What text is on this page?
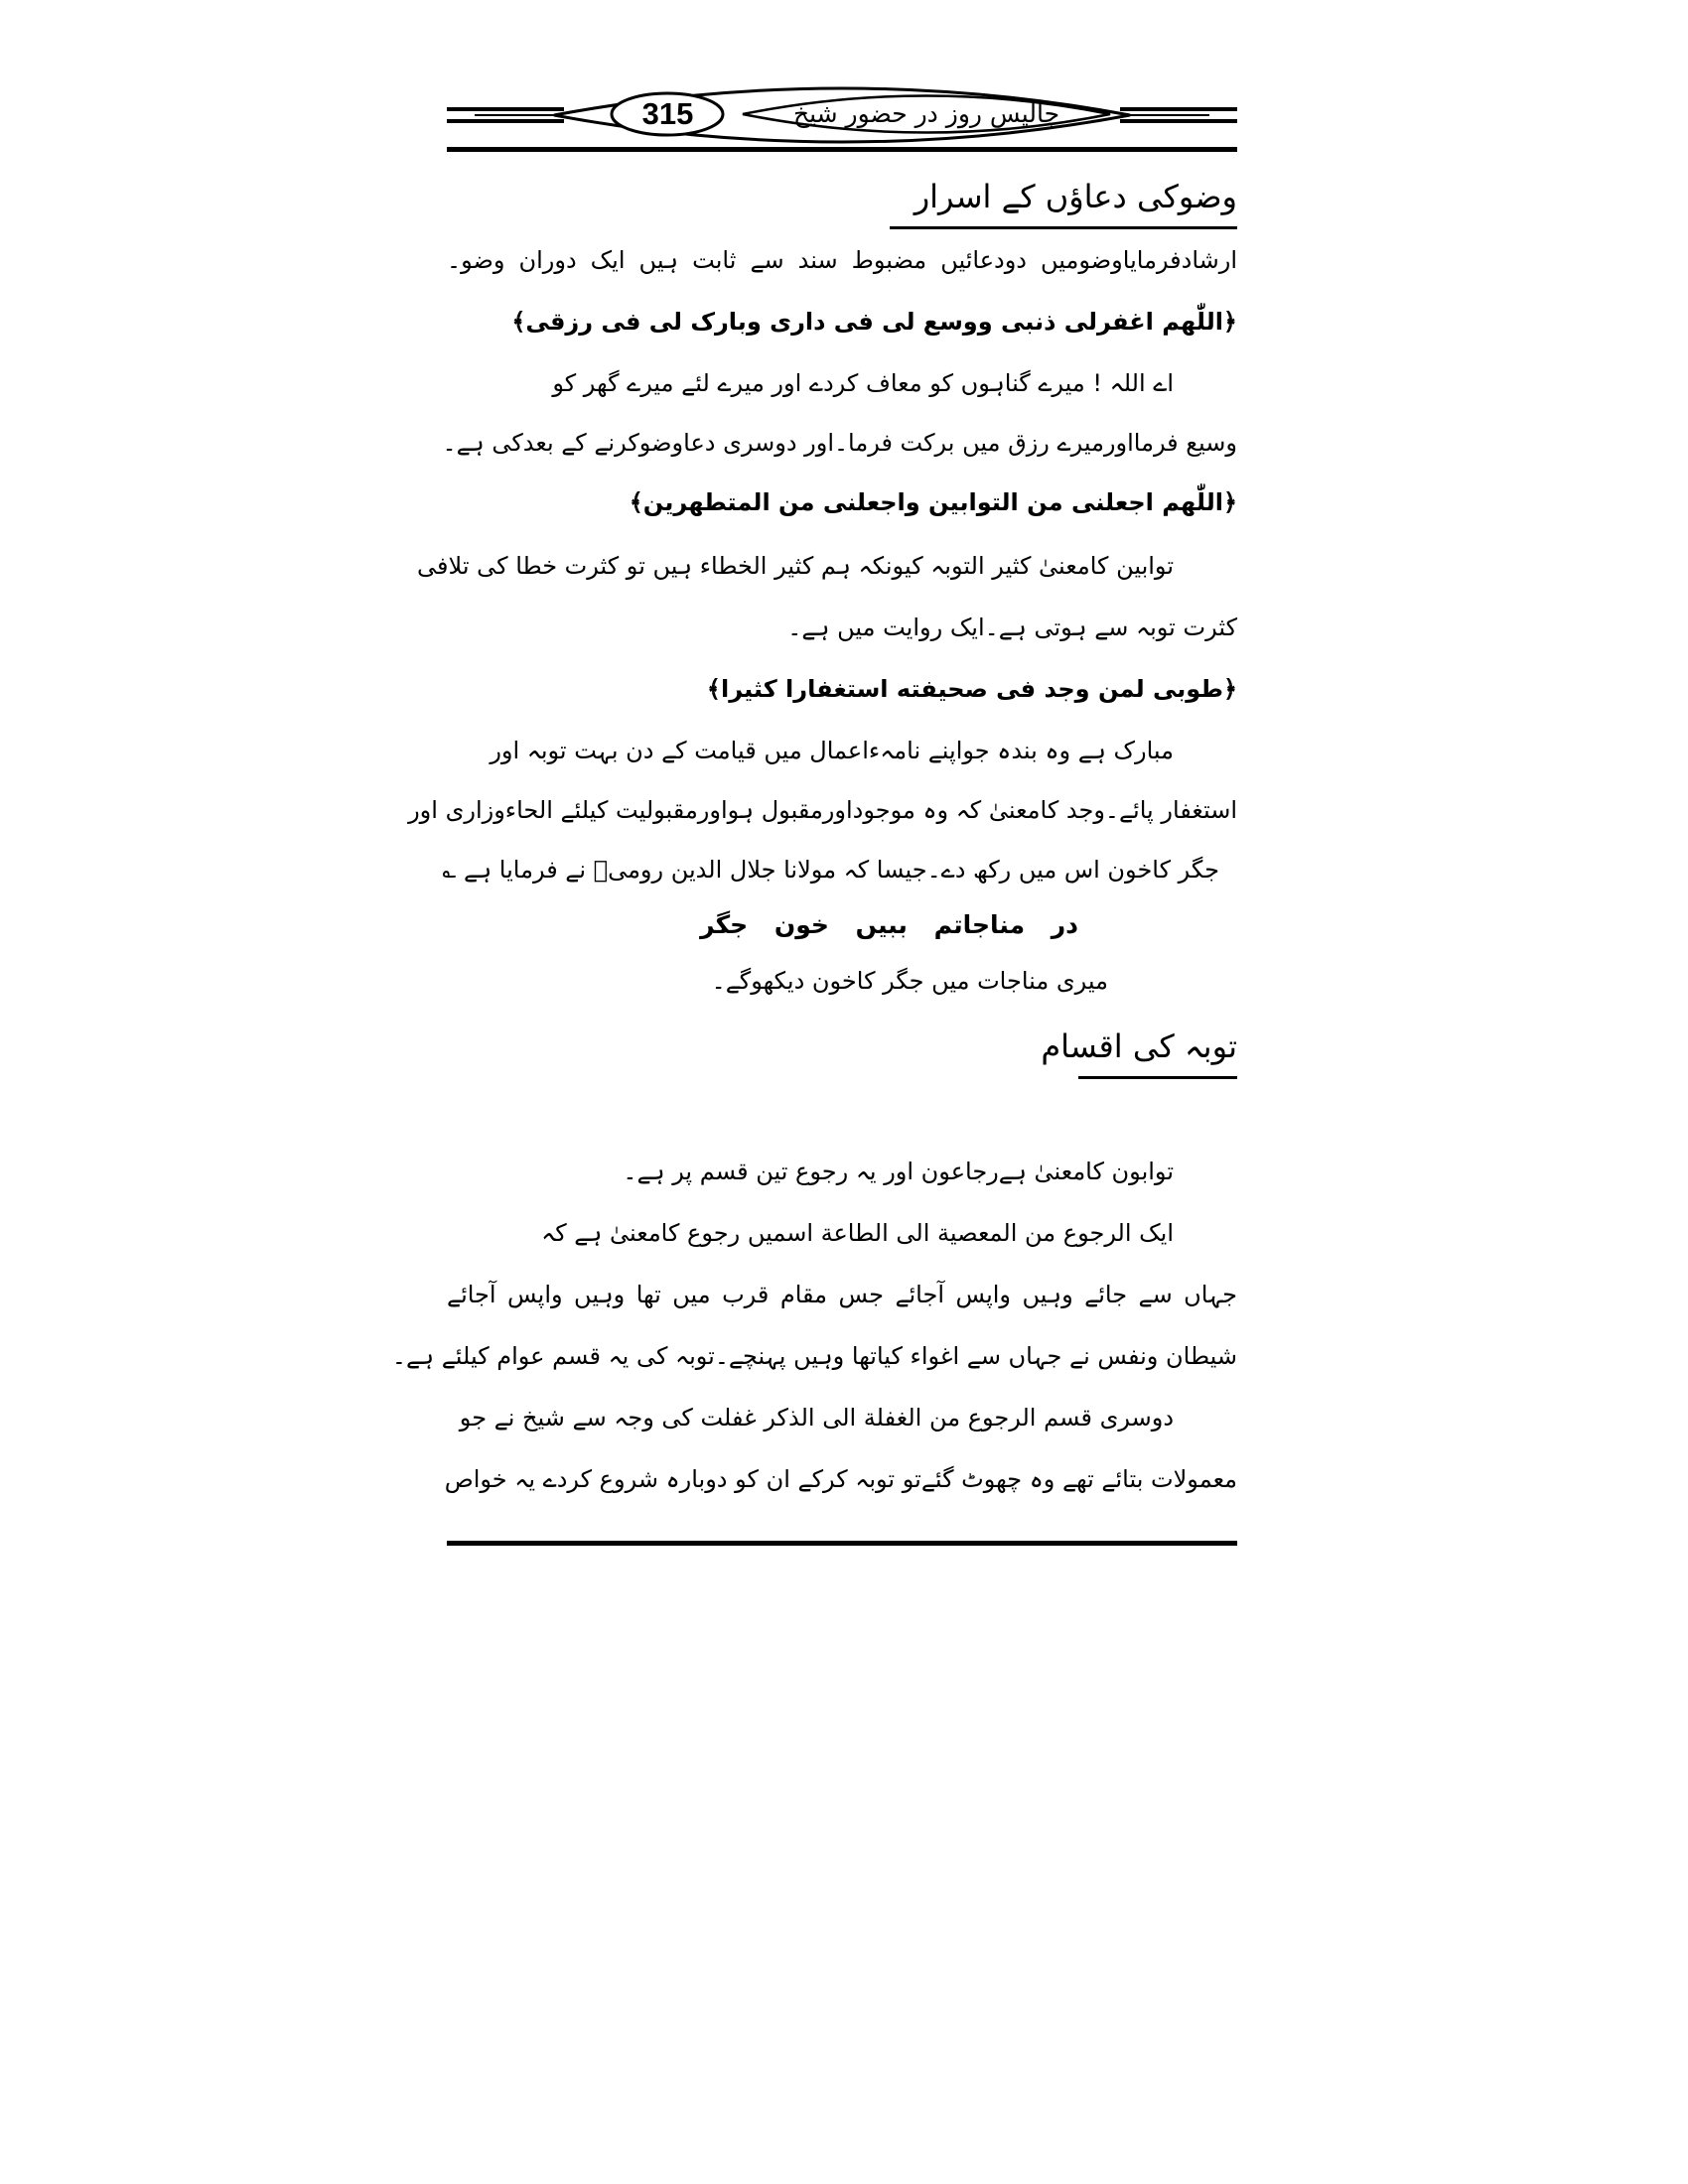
315	چالیس روز در حضور شیخ
وضوکی دعاؤں کے اسرار
ارشادفرمایاوضومیں دودعائیں مضبوط سند سے ثابت ہیں ایک دوران وضو۔
﴿اللّٰهم اغفرلی ذنبی ووسع لی فی داری وبارک لی فی رزقی﴾
اے اللہ ! میرے گناہوں کو معاف کردے اور میرے لئے میرے گھر کو
وسیع فرمااورمیرے رزق میں برکت فرما۔اور دوسری دعاوضوکرنے کے بعدکی ہے۔
﴿اللّٰهم اجعلنی من التوابین واجعلنی من المتطهرین﴾
توابین کامعنیٰ کثیر التوبہ کیونکہ ہم کثیر الخطاء ہیں تو کثرت خطا کی تلافی
کثرت توبہ سے ہوتی ہے۔ایک روایت میں ہے۔
﴿طوبی لمن وجد فی صحیفته استغفارا کثیرا﴾
مبارک ہے وہ بندہ جواپنے نامہءاعمال میں قیامت کے دن بہت توبہ اور
استغفار پائے۔وجد کامعنیٰ کہ وہ موجوداورمقبول ہواورمقبولیت کیلئے الحاءوزاری اور
جگر کاخون اس میں رکھ دے۔جیسا کہ مولانا جلال الدین رومیؒ نے فرمایا ہے ؎
در مناجاتم ببیں خون جگر
میری مناجات میں جگر کاخون دیکھوگے۔
توبہ کی اقسام
توابون کامعنیٰ ہےرجاعون اور یہ رجوع تین قسم پر ہے۔
ایک الرجوع من المعصیة الی الطاعة اسمیں رجوع کامعنیٰ ہے کہ
جہاں سے جائے وہیں واپس آجائے جس مقام قرب میں تھا وہیں واپس آجائے
شیطان ونفس نے جہاں سے اغواء کیاتھا وہیں پہنچے۔توبہ کی یہ قسم عوام کیلئے ہے۔
دوسری قسم الرجوع من الغفلة الی الذکر غفلت کی وجہ سے شیخ نے جو
معمولات بتائے تھے وہ چھوٹ گئےتو توبہ کرکے ان کو دوبارہ شروع کردے یہ خواص
